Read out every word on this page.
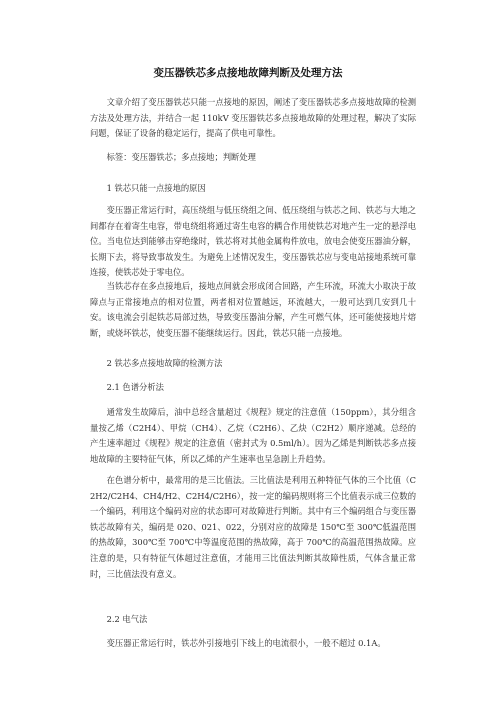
变压器铁芯多点接地故障判断及处理方法

文章介绍了变压器铁芯只能一点接地的原因，阐述了变压器铁芯多点接地故障的检测方法及处理方法，并结合一起 110kV 变压器铁芯多点接地故障的处理过程，解决了实际问题，保证了设备的稳定运行，提高了供电可靠性。

标签：变压器铁芯；多点接地；判断处理

1 铁芯只能一点接地的原因

变压器正常运行时，高压绕组与低压绕组之间、低压绕组与铁芯之间、铁芯与大地之间都存在着寄生电容，带电绕组将通过寄生电容的耦合作用使铁芯对地产生一定的悬浮电位。当电位达到能够击穿绝缘时，铁芯将对其他金属构件放电，放电会使变压器油分解，长期下去，将导致事故发生。为避免上述情况发生，变压器铁芯应与变电站接地系统可靠连接，使铁芯处于零电位。

当铁芯存在多点接地后，接地点间就会形成闭合回路，产生环流，环流大小取决于故障点与正常接地点的相对位置，两者相对位置越远，环流越大，一般可达到几安到几十安。该电流会引起铁芯局部过热，导致变压器油分解，产生可燃气体，还可能使接地片熔断，或烧坏铁芯，使变压器不能继续运行。因此，铁芯只能一点接地。

2 铁芯多点接地故障的检测方法

2.1 色谱分析法

通常发生故障后，油中总经含量超过《规程》规定的注意值（150ppm），其分组含量按乙烯（C2H4）、甲烷（CH4）、乙烷（C2H6）、乙炔（C2H2）顺序递减。总经的产生速率超过《规程》规定的注意值（密封式为 0.5ml/h）。因为乙烯是判断铁芯多点接地故障的主要特征气体，所以乙烯的产生速率也呈急剧上升趋势。

在色谱分析中，最常用的是三比值法。三比值法是利用五种特征气体的三个比值（C2H2/C2H4、CH4/H2、C2H4/C2H6），按一定的编码规则将三个比值表示成三位数的一个编码，利用这个编码对应的状态即可对故障进行判断。其中有三个编码组合与变压器铁芯故障有关，编码是 020、021、022，分别对应的故障是 150℃至 300℃低温范围的热故障，300℃至 700℃中等温度范围的热故障，高于 700℃的高温范围热故障。应注意的是，只有特征气体超过注意值，才能用三比值法判断其故障性质，气体含量正常时，三比值法没有意义。

2.2 电气法

变压器正常运行时，铁芯外引接地引下线上的电流很小，一般不超过 0.1A。
